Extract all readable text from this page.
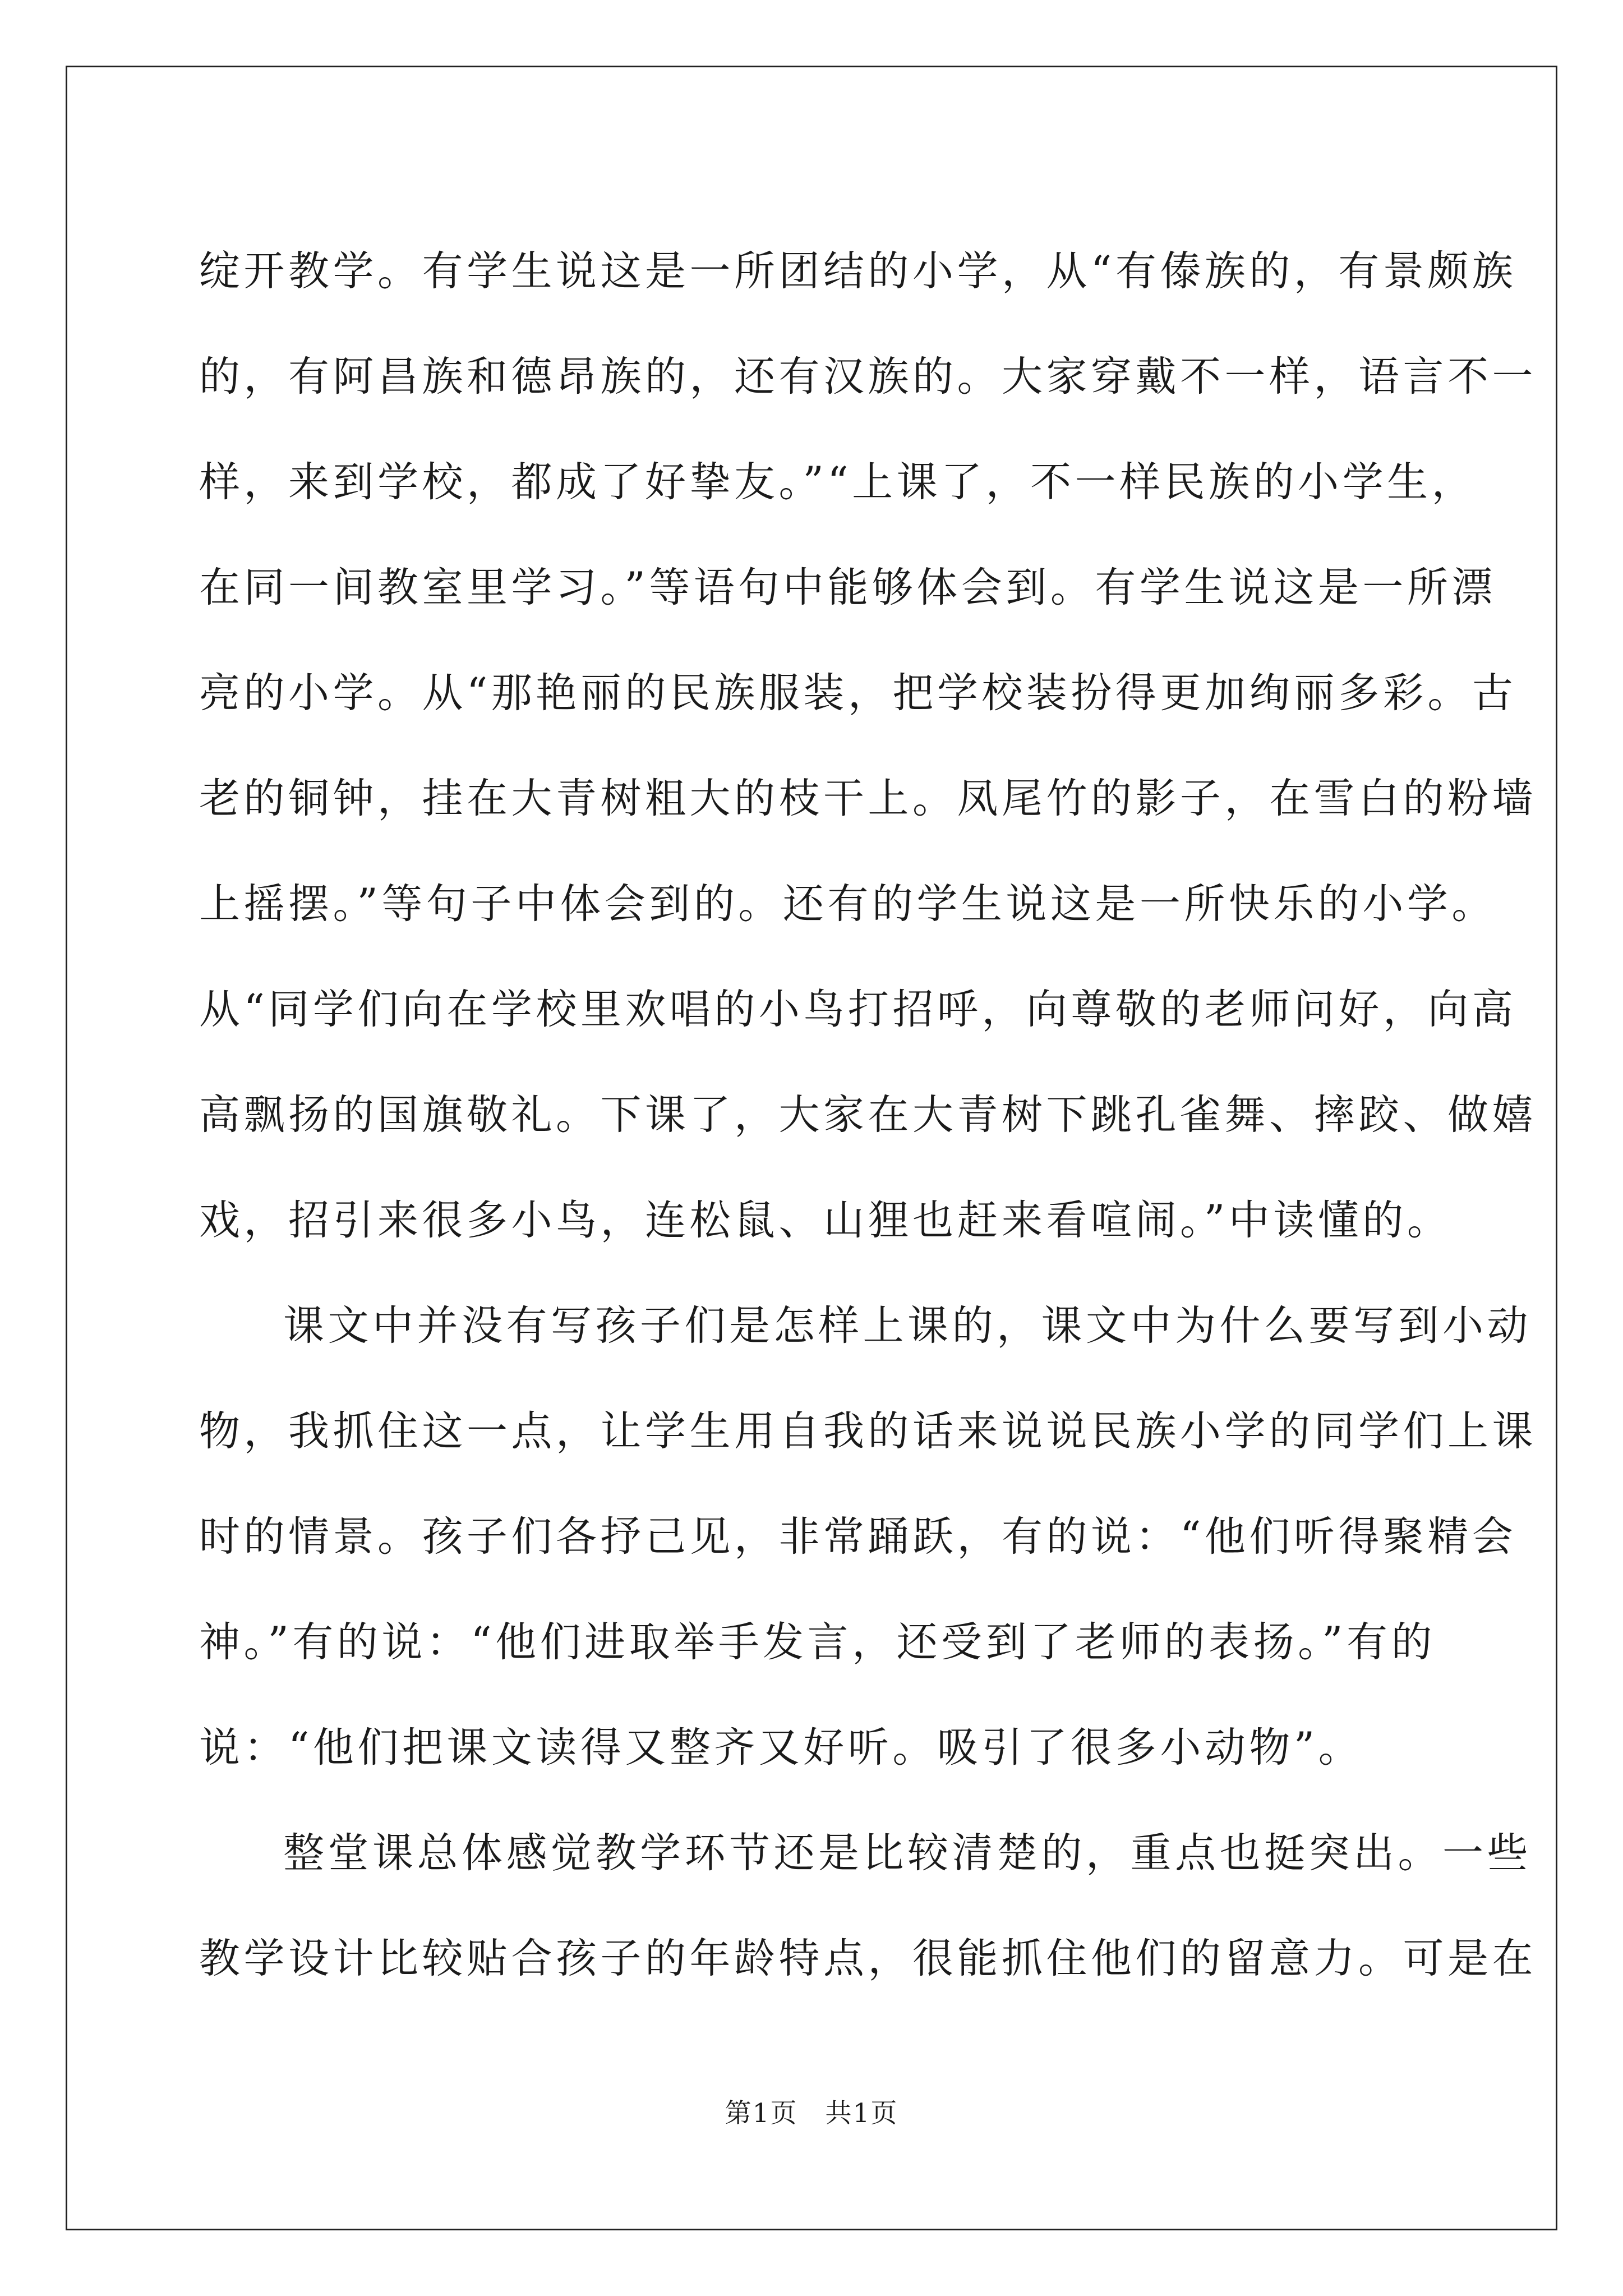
绽开教学。有学生说这是一所团结的小学，从“有傣族的，有景颇族
的，有阿昌族和德昂族的，还有汉族的。大家穿戴不一样，语言不一
样，来到学校，都成了好挚友。”“上课了，不一样民族的小学生，
在同一间教室里学习。”等语句中能够体会到。有学生说这是一所漂
亮的小学。从“那艳丽的民族服装，把学校装扮得更加绚丽多彩。古
老的铜钟，挂在大青树粗大的枝干上。凤尾竹的影子，在雪白的粉墙
上摇摆。”等句子中体会到的。还有的学生说这是一所快乐的小学。
从“同学们向在学校里欢唱的小鸟打招呼，向尊敬的老师问好，向高
高飘扬的国旗敬礼。下课了，大家在大青树下跳孔雀舞、摔跤、做嬉
戏，招引来很多小鸟，连松鼠、山狸也赶来看喧闹。”中读懂的。
课文中并没有写孩子们是怎样上课的，课文中为什么要写到小动
物，我抓住这一点，让学生用自我的话来说说民族小学的同学们上课
时的情景。孩子们各抒己见，非常踊跃，有的说：“他们听得聚精会
神。”有的说：“他们进取举手发言，还受到了老师的表扬。”有的
说：“他们把课文读得又整齐又好听。吸引了很多小动物”。
整堂课总体感觉教学环节还是比较清楚的，重点也挺突出。一些
教学设计比较贴合孩子的年龄特点，很能抓住他们的留意力。可是在
第1页　共1页
